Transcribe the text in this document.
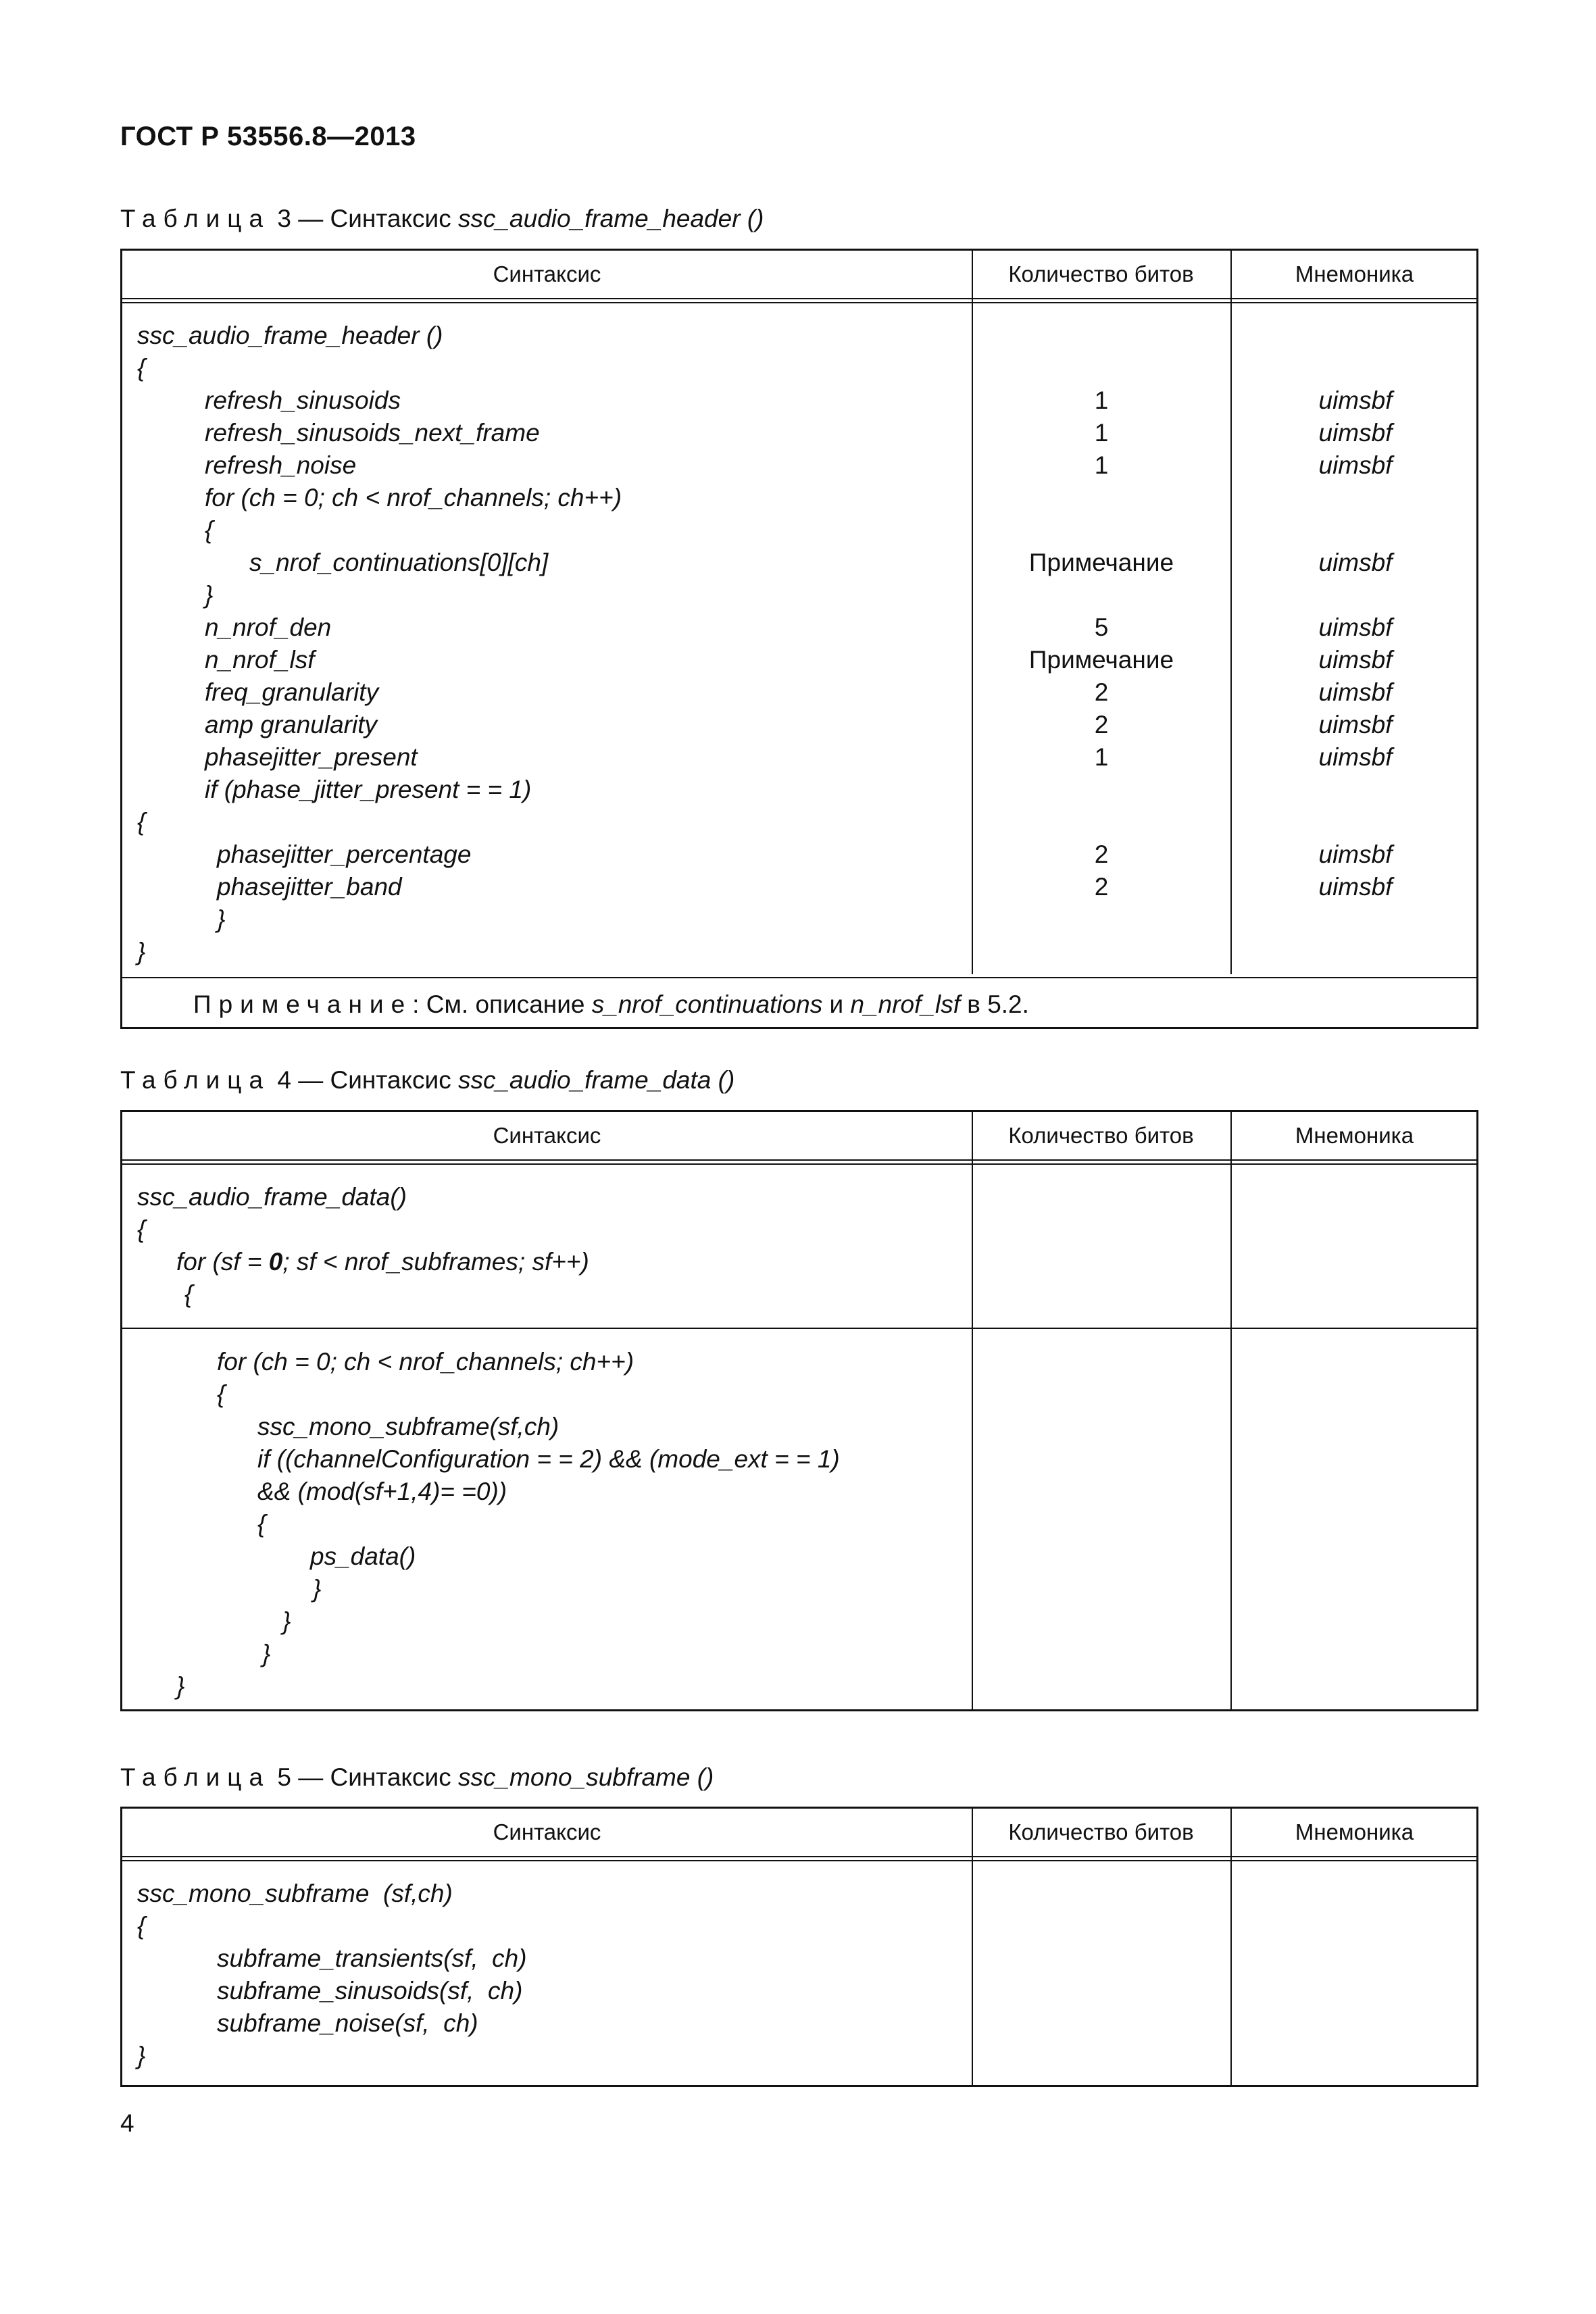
ГОСТ Р 53556.8—2013
Таблица 3 — Синтаксис ssc_audio_frame_header ()
Синтаксис	Количество битов	Мнемоника
ssc_audio_frame_header ()
{
refresh_sinusoids	1	uimsbf
refresh_sinusoids_next_frame	1	uimsbf
refresh_noise	1	uimsbf
for (ch = 0; ch < nrof_channels; ch++)
{
s_nrof_continuations[0][ch]	Примечание	uimsbf
}
n_nrof_den	5	uimsbf
n_nrof_lsf	Примечание	uimsbf
freq_granularity	2	uimsbf
amp granularity	2	uimsbf
phasejitter_present	1	uimsbf
if (phase_jitter_present = = 1)
{
phasejitter_percentage	2	uimsbf
phasejitter_band	2	uimsbf
}
}
Примечание: См. описание s_nrof_continuations и n_nrof_lsf в 5.2.
Таблица 4 — Синтаксис ssc_audio_frame_data ()
Синтаксис	Количество битов	Мнемоника
ssc_audio_frame_data()
{
for (sf = 0; sf < nrof_subframes; sf++)
{
for (ch = 0; ch < nrof_channels; ch++)
{
ssc_mono_subframe(sf,ch)
if ((channelConfiguration = = 2) && (mode_ext = = 1)
&& (mod(sf+1,4)= =0))
{
ps_data()
}
}
}
}
Таблица 5 — Синтаксис ssc_mono_subframe ()
Синтаксис	Количество битов	Мнемоника
ssc_mono_subframe  (sf,ch)
{
subframe_transients(sf,  ch)
subframe_sinusoids(sf,  ch)
subframe_noise(sf,  ch)
}
4
